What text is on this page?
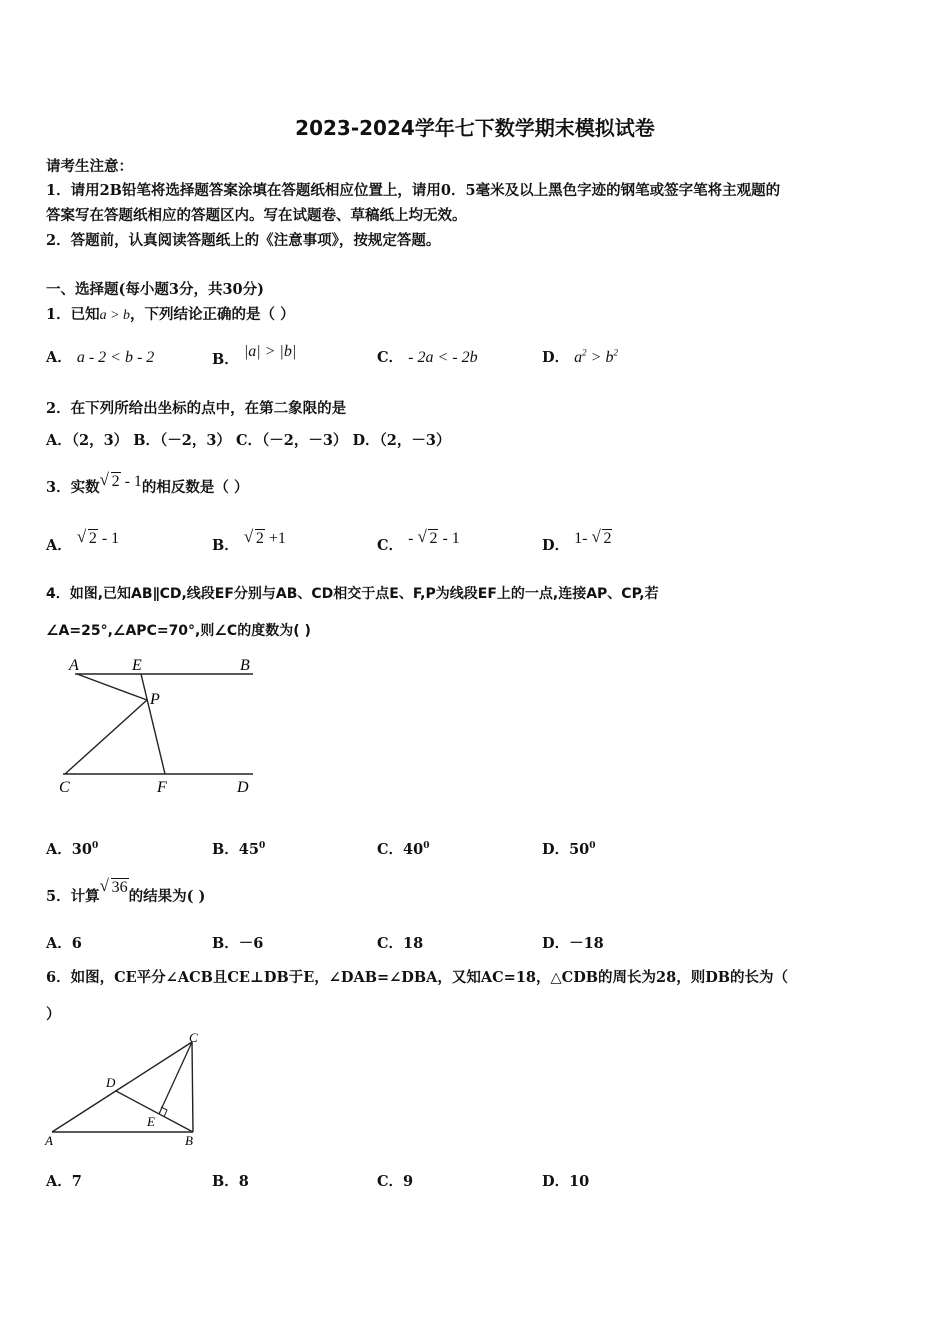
2023-2024学年七下数学期末模拟试卷
请考生注意：
1．请用2B铅笔将选择题答案涂填在答题纸相应位置上，请用0．5毫米及以上黑色字迹的钢笔或签字笔将主观题的
答案写在答题纸相应的答题区内。写在试题卷、草稿纸上均无效。
2．答题前，认真阅读答题纸上的《注意事项》，按规定答题。
一、选择题(每小题3分，共30分)
1．已知a > b，下列结论正确的是（ ）
A． a - 2 < b - 2	B． |a| > |b|	C． - 2a < - 2b	D． $a^2 > b^2$
2．在下列所给出坐标的点中，在第二象限的是
A．（2，3） B．（－2，3） C．（－2，－3） D．（2，－3）
3．实数 √ 2 - 1的相反数是（ ）
A． √ 2 - 1	B． √ 2 +1	C． - √ 2 - 1	D． 1- √ 2
4．如图,已知AB∥CD,线段EF分别与AB、CD相交于点E、F,P为线段EF上的一点,连接AP、CP,若
∠A=25°,∠APC=70°,则∠C的度数为( )
A	E	B
P
C	F	D
A．$30^0$	B．$45^0$	C．$40^0$	D．$50^0$
5．计算√ 36的结果为( )
A．6	B．－6	C．18	D．－18
6．如图，CE平分∠ACB且CE⊥DB于E，∠DAB=∠DBA，又知AC=18，△CDB的周长为28，则DB的长为（
）
C
D
E
A	B
A．7	B．8	C．9	D．10
